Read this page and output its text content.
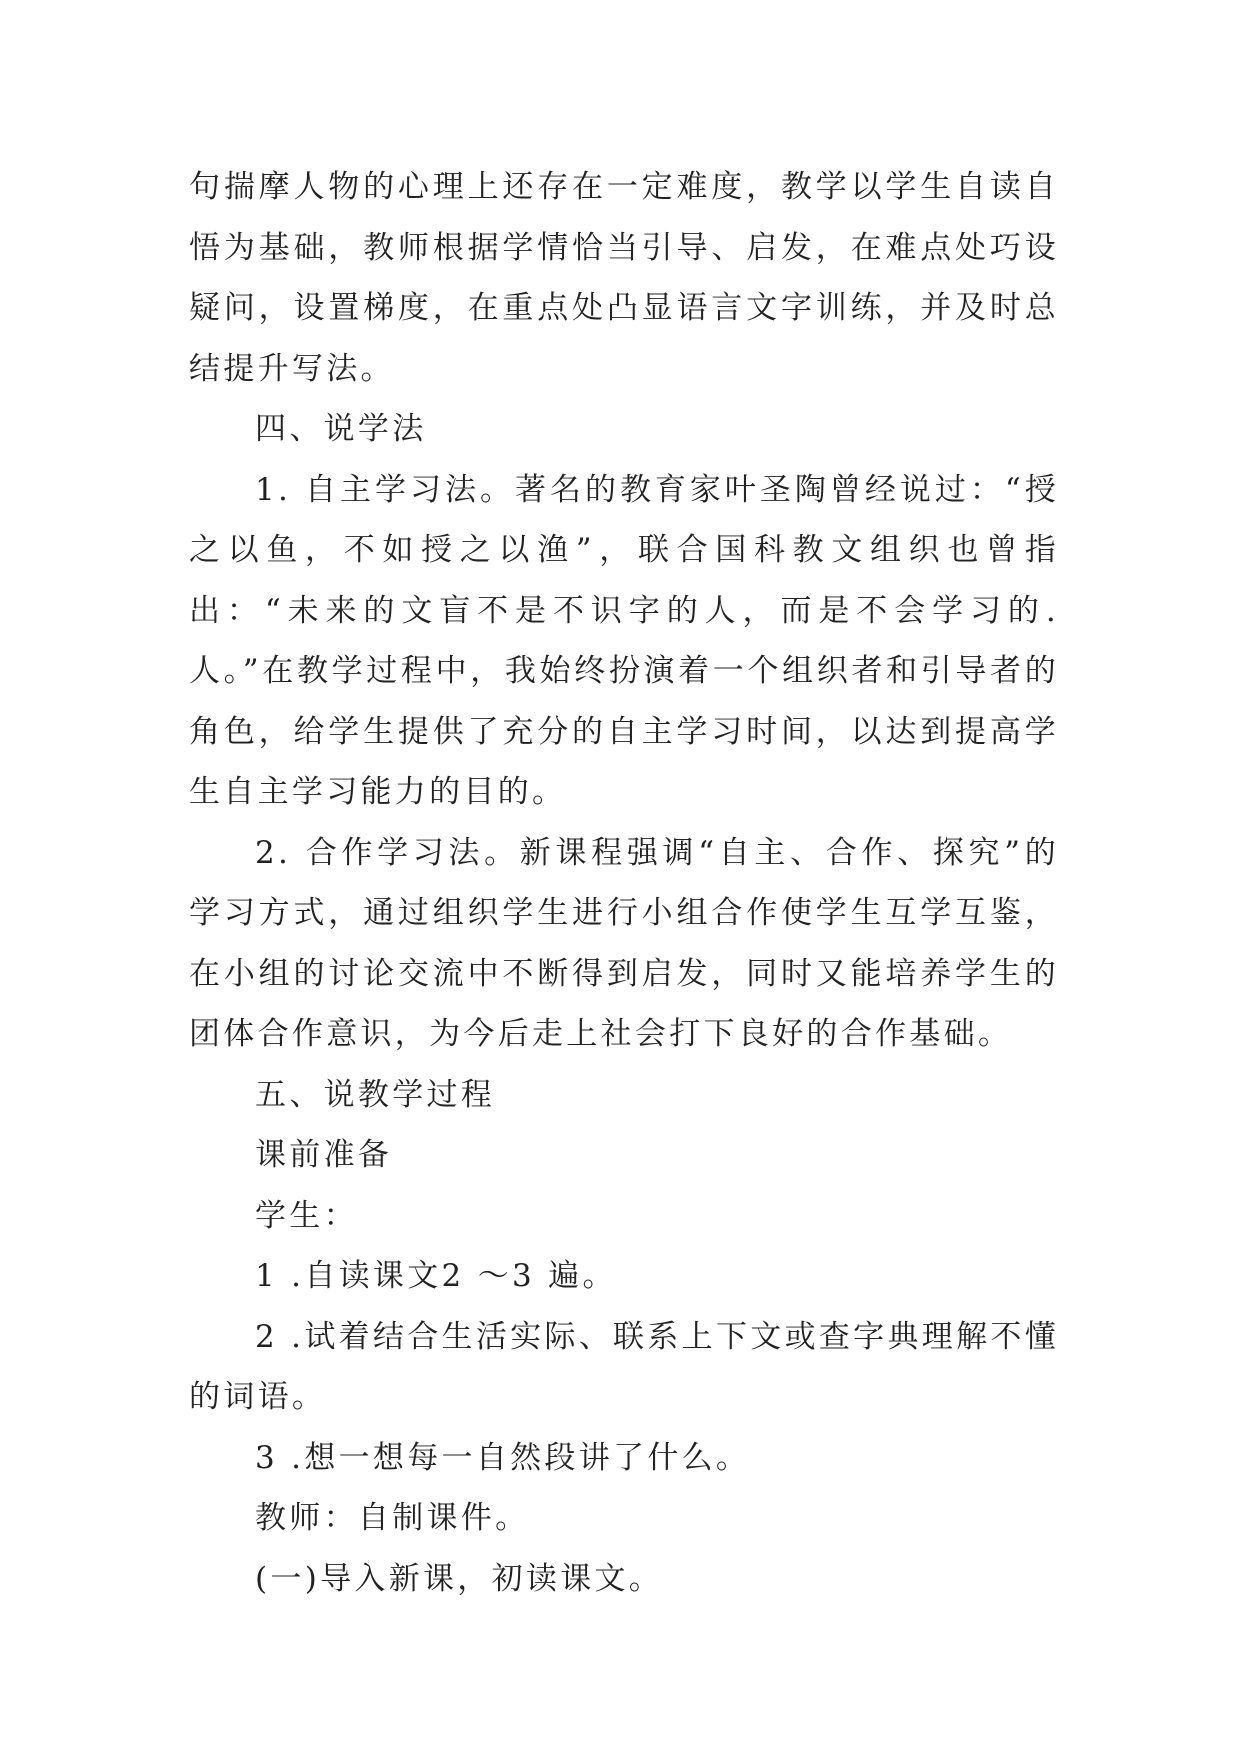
句揣摩人物的心理上还存在一定难度，教学以学生自读自悟为基础，教师根据学情恰当引导、启发，在难点处巧设疑问，设置梯度，在重点处凸显语言文字训练，并及时总结提升写法。

四、说学法

1. 自主学习法。著名的教育家叶圣陶曾经说过：“授之以鱼，不如授之以渔”，联合国科教文组织也曾指出：“未来的文盲不是不识字的人，而是不会学习的.人。”在教学过程中，我始终扮演着一个组织者和引导者的角色，给学生提供了充分的自主学习时间，以达到提高学生自主学习能力的目的。

2. 合作学习法。新课程强调“自主、合作、探究”的学习方式，通过组织学生进行小组合作使学生互学互鉴，在小组的讨论交流中不断得到启发，同时又能培养学生的团体合作意识，为今后走上社会打下良好的合作基础。

五、说教学过程

课前准备

学生：

1 .自读课文2 ～3 遍。

2 .试着结合生活实际、联系上下文或查字典理解不懂的词语。

3 .想一想每一自然段讲了什么。

教师：自制课件。

(一)导入新课，初读课文。
